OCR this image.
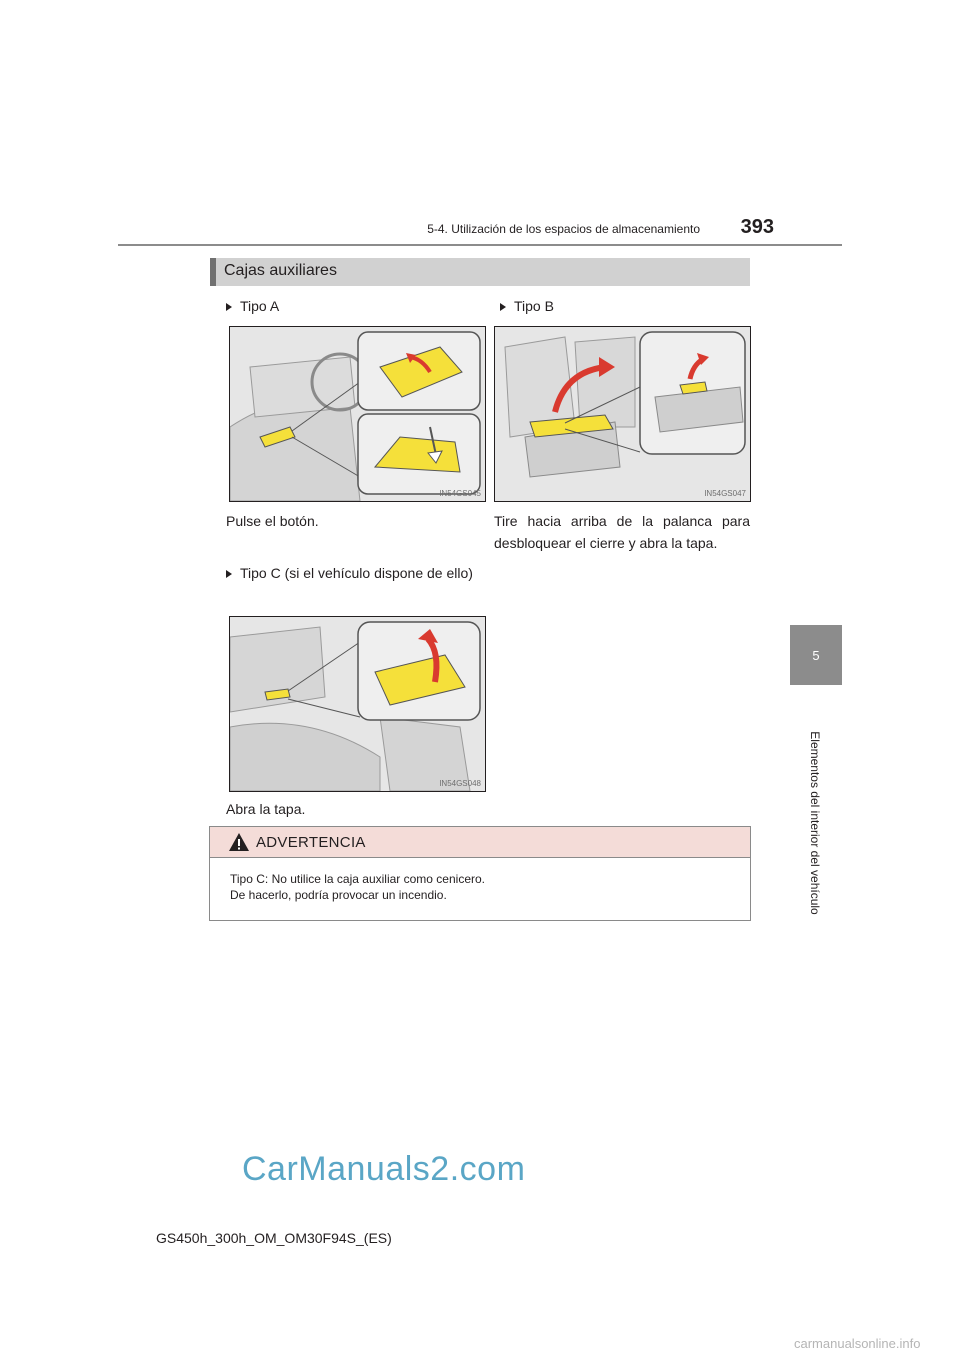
5-4. Utilización de los espacios de almacenamiento	393
5
Elementos del interior del vehículo
Cajas auxiliares
Tipo A
IN54GS045
Pulse el botón.
Tipo B
IN54GS047
Tire hacia arriba de la palanca para desbloquear el cierre y abra la tapa.
Tipo C (si el vehículo dispone de ello)
IN54GS048
Abra la tapa.
ADVERTENCIA
Tipo C: No utilice la caja auxiliar como cenicero.
De hacerlo, podría provocar un incendio.
GS450h_300h_OM_OM30F94S_(ES)
CarManuals2.com
carmanualsonline.info
